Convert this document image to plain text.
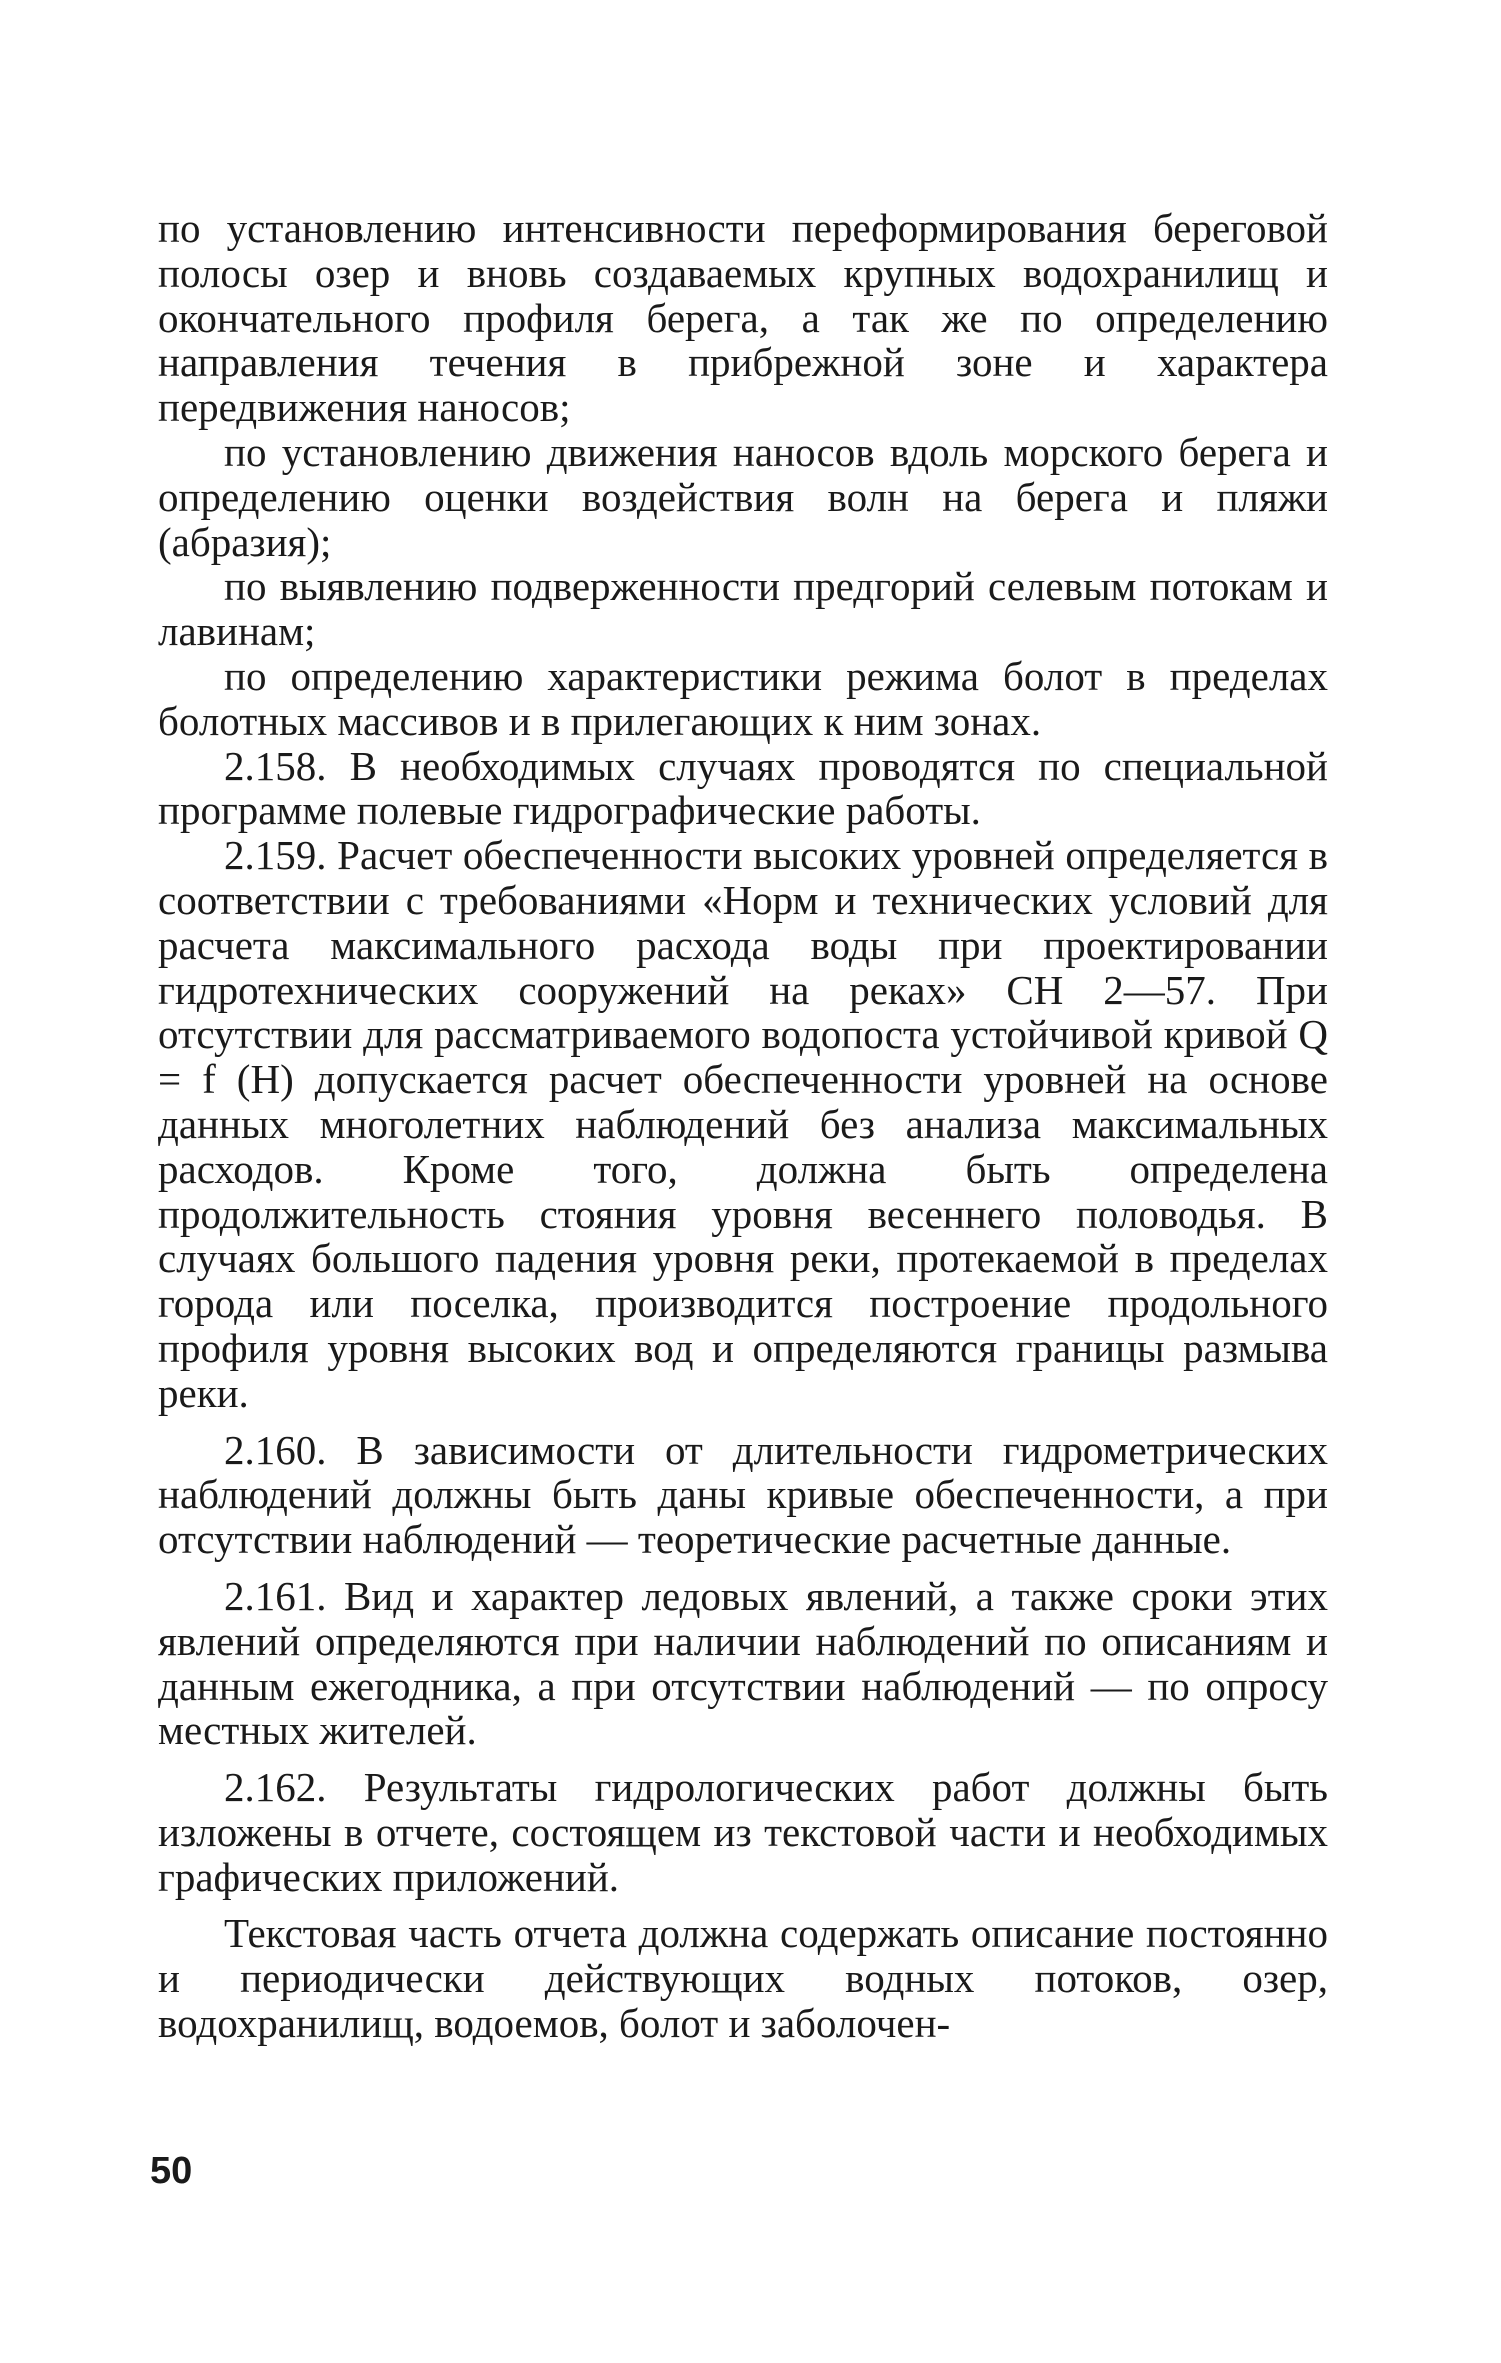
по установлению интенсивности переформирования береговой полосы озер и вновь создаваемых крупных водохранилищ и окончательного профиля берега, а так же по определению направления течения в прибрежной зоне и характера передвижения наносов;

по установлению движения наносов вдоль морского берега и определению оценки воздействия волн на берега и пляжи (абразия);

по выявлению подверженности предгорий селевым потокам и лавинам;

по определению характеристики режима болот в пределах болотных массивов и в прилегающих к ним зонах.

2.158. В необходимых случаях проводятся по специальной программе полевые гидрографические работы.

2.159. Расчет обеспеченности высоких уровней определяется в соответствии с требованиями «Норм и технических условий для расчета максимального расхода воды при проектировании гидротехнических сооружений на реках» СН 2—57. При отсутствии для рассматриваемого водопоста устойчивой кривой Q = f (H) допускается расчет обеспеченности уровней на основе данных многолетних наблюдений без анализа максимальных расходов. Кроме того, должна быть определена продолжительность стояния уровня весеннего половодья. В случаях большого падения уровня реки, протекаемой в пределах города или поселка, производится построение продольного профиля уровня высоких вод и определяются границы размыва реки.

2.160. В зависимости от длительности гидрометрических наблюдений должны быть даны кривые обеспеченности, а при отсутствии наблюдений — теоретические расчетные данные.

2.161. Вид и характер ледовых явлений, а также сроки этих явлений определяются при наличии наблюдений по описаниям и данным ежегодника, а при отсутствии наблюдений — по опросу местных жителей.

2.162. Результаты гидрологических работ должны быть изложены в отчете, состоящем из текстовой части и необходимых графических приложений.

Текстовая часть отчета должна содержать описание постоянно и периодически действующих водных потоков, озер, водохранилищ, водоемов, болот и заболочен-

50
